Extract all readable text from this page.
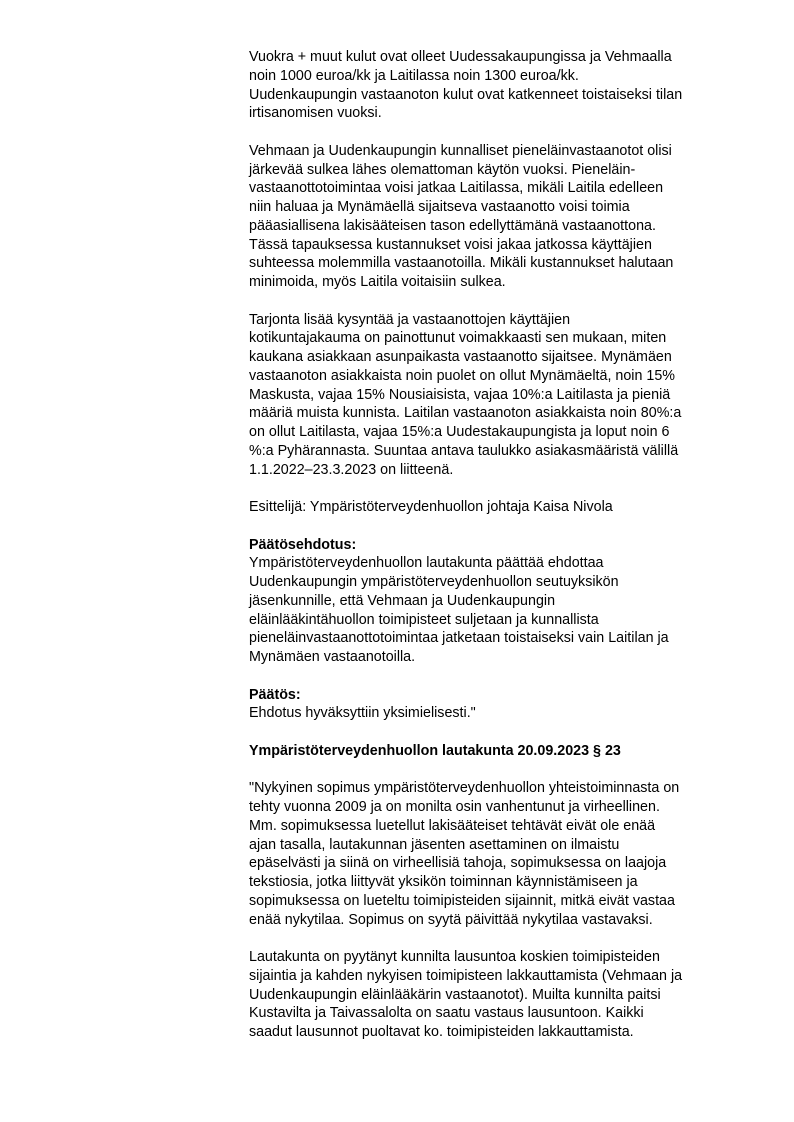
Vuokra + muut kulut ovat olleet Uudessakaupungissa ja Vehmaalla
noin 1000 euroa/kk ja Laitilassa noin 1300 euroa/kk.
Uudenkaupungin vastaanoton kulut ovat katkenneet toistaiseksi tilan
irtisanomisen vuoksi.
Vehmaan ja Uudenkaupungin kunnalliset pieneläinvastaanotot olisi
järkevää sulkea lähes olemattoman käytön vuoksi. Pieneläin-
vastaanottotoimintaa voisi jatkaa Laitilassa, mikäli Laitila edelleen
niin haluaa ja Mynämäellä sijaitseva vastaanotto voisi toimia
pääasiallisena lakisääteisen tason edellyttämänä vastaanottona.
Tässä tapauksessa kustannukset voisi jakaa jatkossa käyttäjien
suhteessa molemmilla vastaanotoilla. Mikäli kustannukset halutaan
minimoida, myös Laitila voitaisiin sulkea.
Tarjonta lisää kysyntää ja vastaanottojen käyttäjien
kotikuntajakauma on painottunut voimakkaasti sen mukaan, miten
kaukana asiakkaan asunpaikasta vastaanotto sijaitsee. Mynämäen
vastaanoton asiakkaista noin puolet on ollut Mynämäeltä, noin 15%
Maskusta, vajaa 15% Nousiaisista, vajaa 10%:a Laitilasta ja pieniä
määriä muista kunnista. Laitilan vastaanoton asiakkaista noin 80%:a
on ollut Laitilasta, vajaa 15%:a Uudestakaupungista ja loput noin 6
%:a Pyhärannasta. Suuntaa antava taulukko asiakasmääristä välillä
1.1.2022–23.3.2023 on liitteenä.
Esittelijä: Ympäristöterveydenhuollon johtaja Kaisa Nivola
Päätösehdotus:
Ympäristöterveydenhuollon lautakunta päättää ehdottaa
Uudenkaupungin ympäristöterveydenhuollon seutuyksikön
jäsenkunnille, että Vehmaan ja Uudenkaupungin
eläinlääkintähuollon toimipisteet suljetaan ja kunnallista
pieneläinvastaanottotoimintaa jatketaan toistaiseksi vain Laitilan ja
Mynämäen vastaanotoilla.
Päätös:
Ehdotus hyväksyttiin yksimielisesti."
Ympäristöterveydenhuollon lautakunta 20.09.2023 § 23
"Nykyinen sopimus ympäristöterveydenhuollon yhteistoiminnasta on
tehty vuonna 2009 ja on monilta osin vanhentunut ja virheellinen.
Mm. sopimuksessa luetellut lakisääteiset tehtävät eivät ole enää
ajan tasalla, lautakunnan jäsenten asettaminen on ilmaistu
epäselvästi ja siinä on virheellisiä tahoja, sopimuksessa on laajoja
tekstiosia, jotka liittyvät yksikön toiminnan käynnistämiseen ja
sopimuksessa on lueteltu toimipisteiden sijainnit, mitkä eivät vastaa
enää nykytilaa. Sopimus on syytä päivittää nykytilaa vastavaksi.
Lautakunta on pyytänyt kunnilta lausuntoa koskien toimipisteiden
sijaintia ja kahden nykyisen toimipisteen lakkauttamista (Vehmaan ja
Uudenkaupungin eläinlääkärin vastaanotot). Muilta kunnilta paitsi
Kustavilta ja Taivassalolta on saatu vastaus lausuntoon. Kaikki
saadut lausunnot puoltavat ko. toimipisteiden lakkauttamista.
